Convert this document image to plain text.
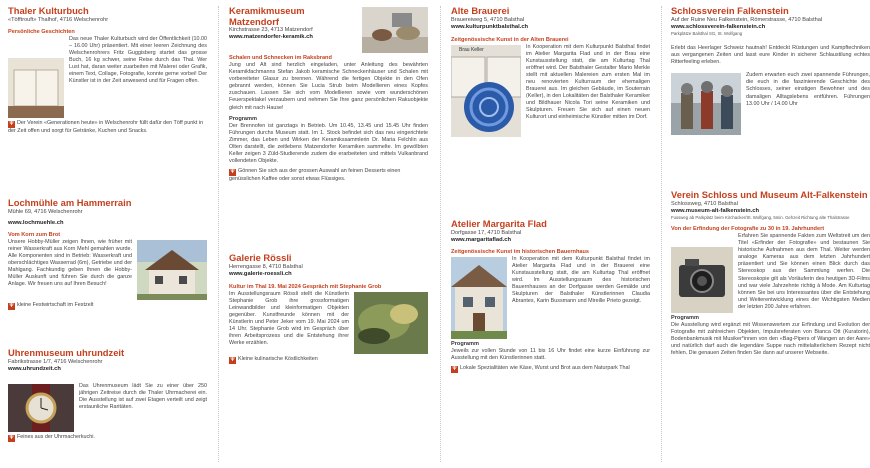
Thaler Kulturbuch
«Töfftrouft» Thalhof, 4716 Welschenrohr
Persönliche Geschichten
Das neue Thaler Kulturbuch wird der Öffentlichkeit (10.00 – 16.00 Uhr) präsentiert. Mit einer leeren Zeichnung des Welschenrohrers Fritz Guggisberg startet das grosse Buch, 16 kg schwer, seine Reise durch das Thal. Wer Lust hat, daran weiter zuarbeiten mit Malerei oder Grafik, einem Text, Collage, Fotografie, konnte gerne vorbei! Der Künstler ist in der Zeit anwesend und für Fragen offen.
Ψ Der Verein «Generationen heute» in Welschenrohr füllt dafür den Töff punkt in der Zeit offen und sorgt für Getränke, Kuchen und Snacks.
Lochmühle am Hammerrain
Mühle 69, 4716 Welschenrohr
www.lochmuehle.ch
Vom Korn zum Brot
Unsere Hobby-Müller zeigen Ihnen, wie früher mit reiner Wasserkraft aus Korn Mehl gemahlen wurde. Alle Komponenten sind in Betrieb: Wasserkraft und oberschlächtiges Wasserrad (6m), Getriebe und der Mahlgang. Fachkundig geben Ihnen die Hobby-Müller Auskunft und führen Sie durch die ganze Anlage. Wir freuen uns auf Ihren Besuch!
Ψ kleine Festwirtschaft im Festzelt
Uhrenmuseum uhrundzeit
Fabrikstrasse 1/7, 4716 Welschenrohr
www.uhrundzeit.ch
Das Uhrenmuseum lädt Sie zu einer über 250 jährigen Zeitreise durch die Thaler Uhrmacherei ein. Die Ausstellung ist auf zwei Etagen verteilt und zeigt erstaunliche Raritäten.
Ψ Feines aus der Uhrmacherkuchi.
Keramikmuseum
Matzendorf
Kirchstrasse 23, 4713 Matzendorf
www.matzendorfer-keramik.ch
Schalen und Schnecken im Raksbrand
Jung und Alt sind herzlich eingeladen, unter Anleitung des bewährten Keramikfachmanns Stefan Jakob keramische Schneckenhäuser und Schalen mit vorbereiteter Glasur zu brennen. Während die fertigen Objekte in den Ofen gebrannt werden, können Sie Lucia Strub beim Modellieren eines Kopfes zuschauen. Lassen Sie sich vom Modellieren sowie vom wunderschönen Feuerspektakel verzaubern und nehmen Sie Ihre ganz persönlichen Rakuobjekte gleich mit nach Hause!
Programm
Der Brennofen ist ganztags in Betrieb. Um 10.45, 13.45 und 15.45 Uhr finden Führungen durchs Museum statt. Im 1. Stock befindet sich das neu eingerichtete Zimmer, das Leben und Wirken der Keramikssammlerin Dr. Maria Felchlin aus Olten darstellt, die zeitlebens Matzendorfer Keramiken sammelte. Im gewölbten Keller zeigen 3 Züld-Studierende zudem die erarbeiteten und mittels Vulkanbrand vollendeten Objekte.
Ψ Gönnen Sie sich aus der grossen Auswahl an feinen Desserts einen genüsslichen Kaffee oder sonst etwas Flüssiges.
Galerie Rössli
Herrengasse 8, 4710 Balsthal
www.galerie-roessli.ch
Kultur im Thal 19. Mai 2024 Gespräch mit Stephanie Grob
Im Ausstellungsraum Rössli stellt die Künstlerin Stephanie Grob ihre grossformatigen Leinwandbilder und kleinformatigen Objekten gegenüber. Kunstfreunde können mit der Künstlerin und Peter Jeker vom 19. Mai 2024 um 14 Uhr. Stephanie Grob wird im Gespräch über ihren Arbeitsprozess und die Entstehung ihrer Werke erzählen.
Ψ Kleine kulinarische Köstlichkeiten
Alte Brauerei
Brauereiweg 5, 4710 Balsthal
www.kulturpunktbalsthal.ch
Zeitgenössische Kunst in der Alten Brauerei
Brau Keller	In Kooperation mit dem Kulturpunkt Balsthal findet im Atelier Margarita Flad und in der Brau eine Kunstausstellung statt, die am Kulturtag Thal eröffnet wird. Der Balsthaler Gestalter Mario Merkle stellt mit aktuellen Malereien zum ersten Mal im neu renovierten Kulturraum der ehemaligen Brauerei aus. Im gleichen Gebäude, im Souterrain (Keller), in den Lokalitäten der Balsthaler Keramiker und Bildhauer Nicola Tori seine Keramiken und Skulpturen. Freuen Sie sich auf einen neuen Kulturort und einheimische Künstler mitten im Dorf.
Atelier Margarita Flad
Dorfgasse 17, 4710 Balsthal
www.margaritaflad.ch
Zeitgenössische Kunst im historischen Bauernhaus
In Kooperation mit dem Kulturpunkt Balsthal findet im Atelier Margarita Flad und in der Brauerei eine Kunstausstellung statt, die am Kulturtag Thal eröffnet wird. Im Ausstellungsraum des historischen Bauernhauses an der Dorfgasse werden Gemälde und Skulpturen der Balsthaler Künstlerinnen Claudia Abrantes, Karin Bussmann und Mireille Prieto gezeigt.
Programm
Jeweils zur vollen Stunde von 11 bis 16 Uhr findet eine kurze Einführung zur Ausstellung mit den Künstlerinnen statt.
Ψ Lokale Spezialitäten wie Käse, Wurst und Brot aus dem Naturpark Thal
Schlossverein Falkenstein
Auf der Ruine Neu Falkenstein, Römerstrasse, 4710 Balsthal
www.schlossverein-falkenstein.ch
Parkplätze Balsthal SG, St. Wolfgang
Erlebt das Heerlager Schweiz hautnah! Entdeckt Rüstungen und Kampftechniken aus vergangenen Zeiten und lasst eure Kinder in sicherer Schlaustilung echtes Ritterfeeling erleben.
Zudem erwarten euch zwei spannende Führungen, die euch in die faszinierende Geschichte des Schlosses, seiner einstigen Bewohner und des damaligen Alltagslebens entführen. Führungen 13.00 Uhr / 14.00 Uhr
Verein Schloss und Museum Alt-Falkenstein
Schlossweg, 4710 Balsthal
www.museum-alt-falkenstein.ch
Fussweg ab Parkplatz beim Kirchacker/St. Wolfgang, 5min. Gehzeit Richtung alte Thalstrasse
Von der Erfindung der Fotografie zu 30 in 19. Jahrhundert
Erfahren Sie spannende Fakten zum Weltstreit um den Titel «Erfinder der Fotografie» und bestaunen Sie historische Aufnahmen aus dem Thal. Weiter werden analoge Kameras aus dem letzten Jahrhundert präsentiert und Sie können einen Blick durch das Stereoskop aus der Sammlung werfen. Die Stereoskopie gilt als Vorläuferin des heutigen 3D-Films und war viele Jahrzehnte richtig à Mode. Am Kulturtag können Sie bei uns Interessantes über die Entstehung und Weiterentwicklung eines der Wichtigsten Medien der letzten 200 Jahre erfahren.
Programm
Die Ausstellung wird ergänzt mit Wissenswertem zur Erfindung und Evolution der Fotografie mit zahlreichen Objekten, Impulsreferaten von Bianca Ott (Kuratorin), Bodenbankmusik mit Musiker*innen von den «Bag-Pipers of Wangen an der Aare» und natürlich darf auch die legendäre Suppe nach mittelalterlichem Rezept nicht fehlen. Die genauen Zeiten finden Sie dann auf unserer Webseite.
